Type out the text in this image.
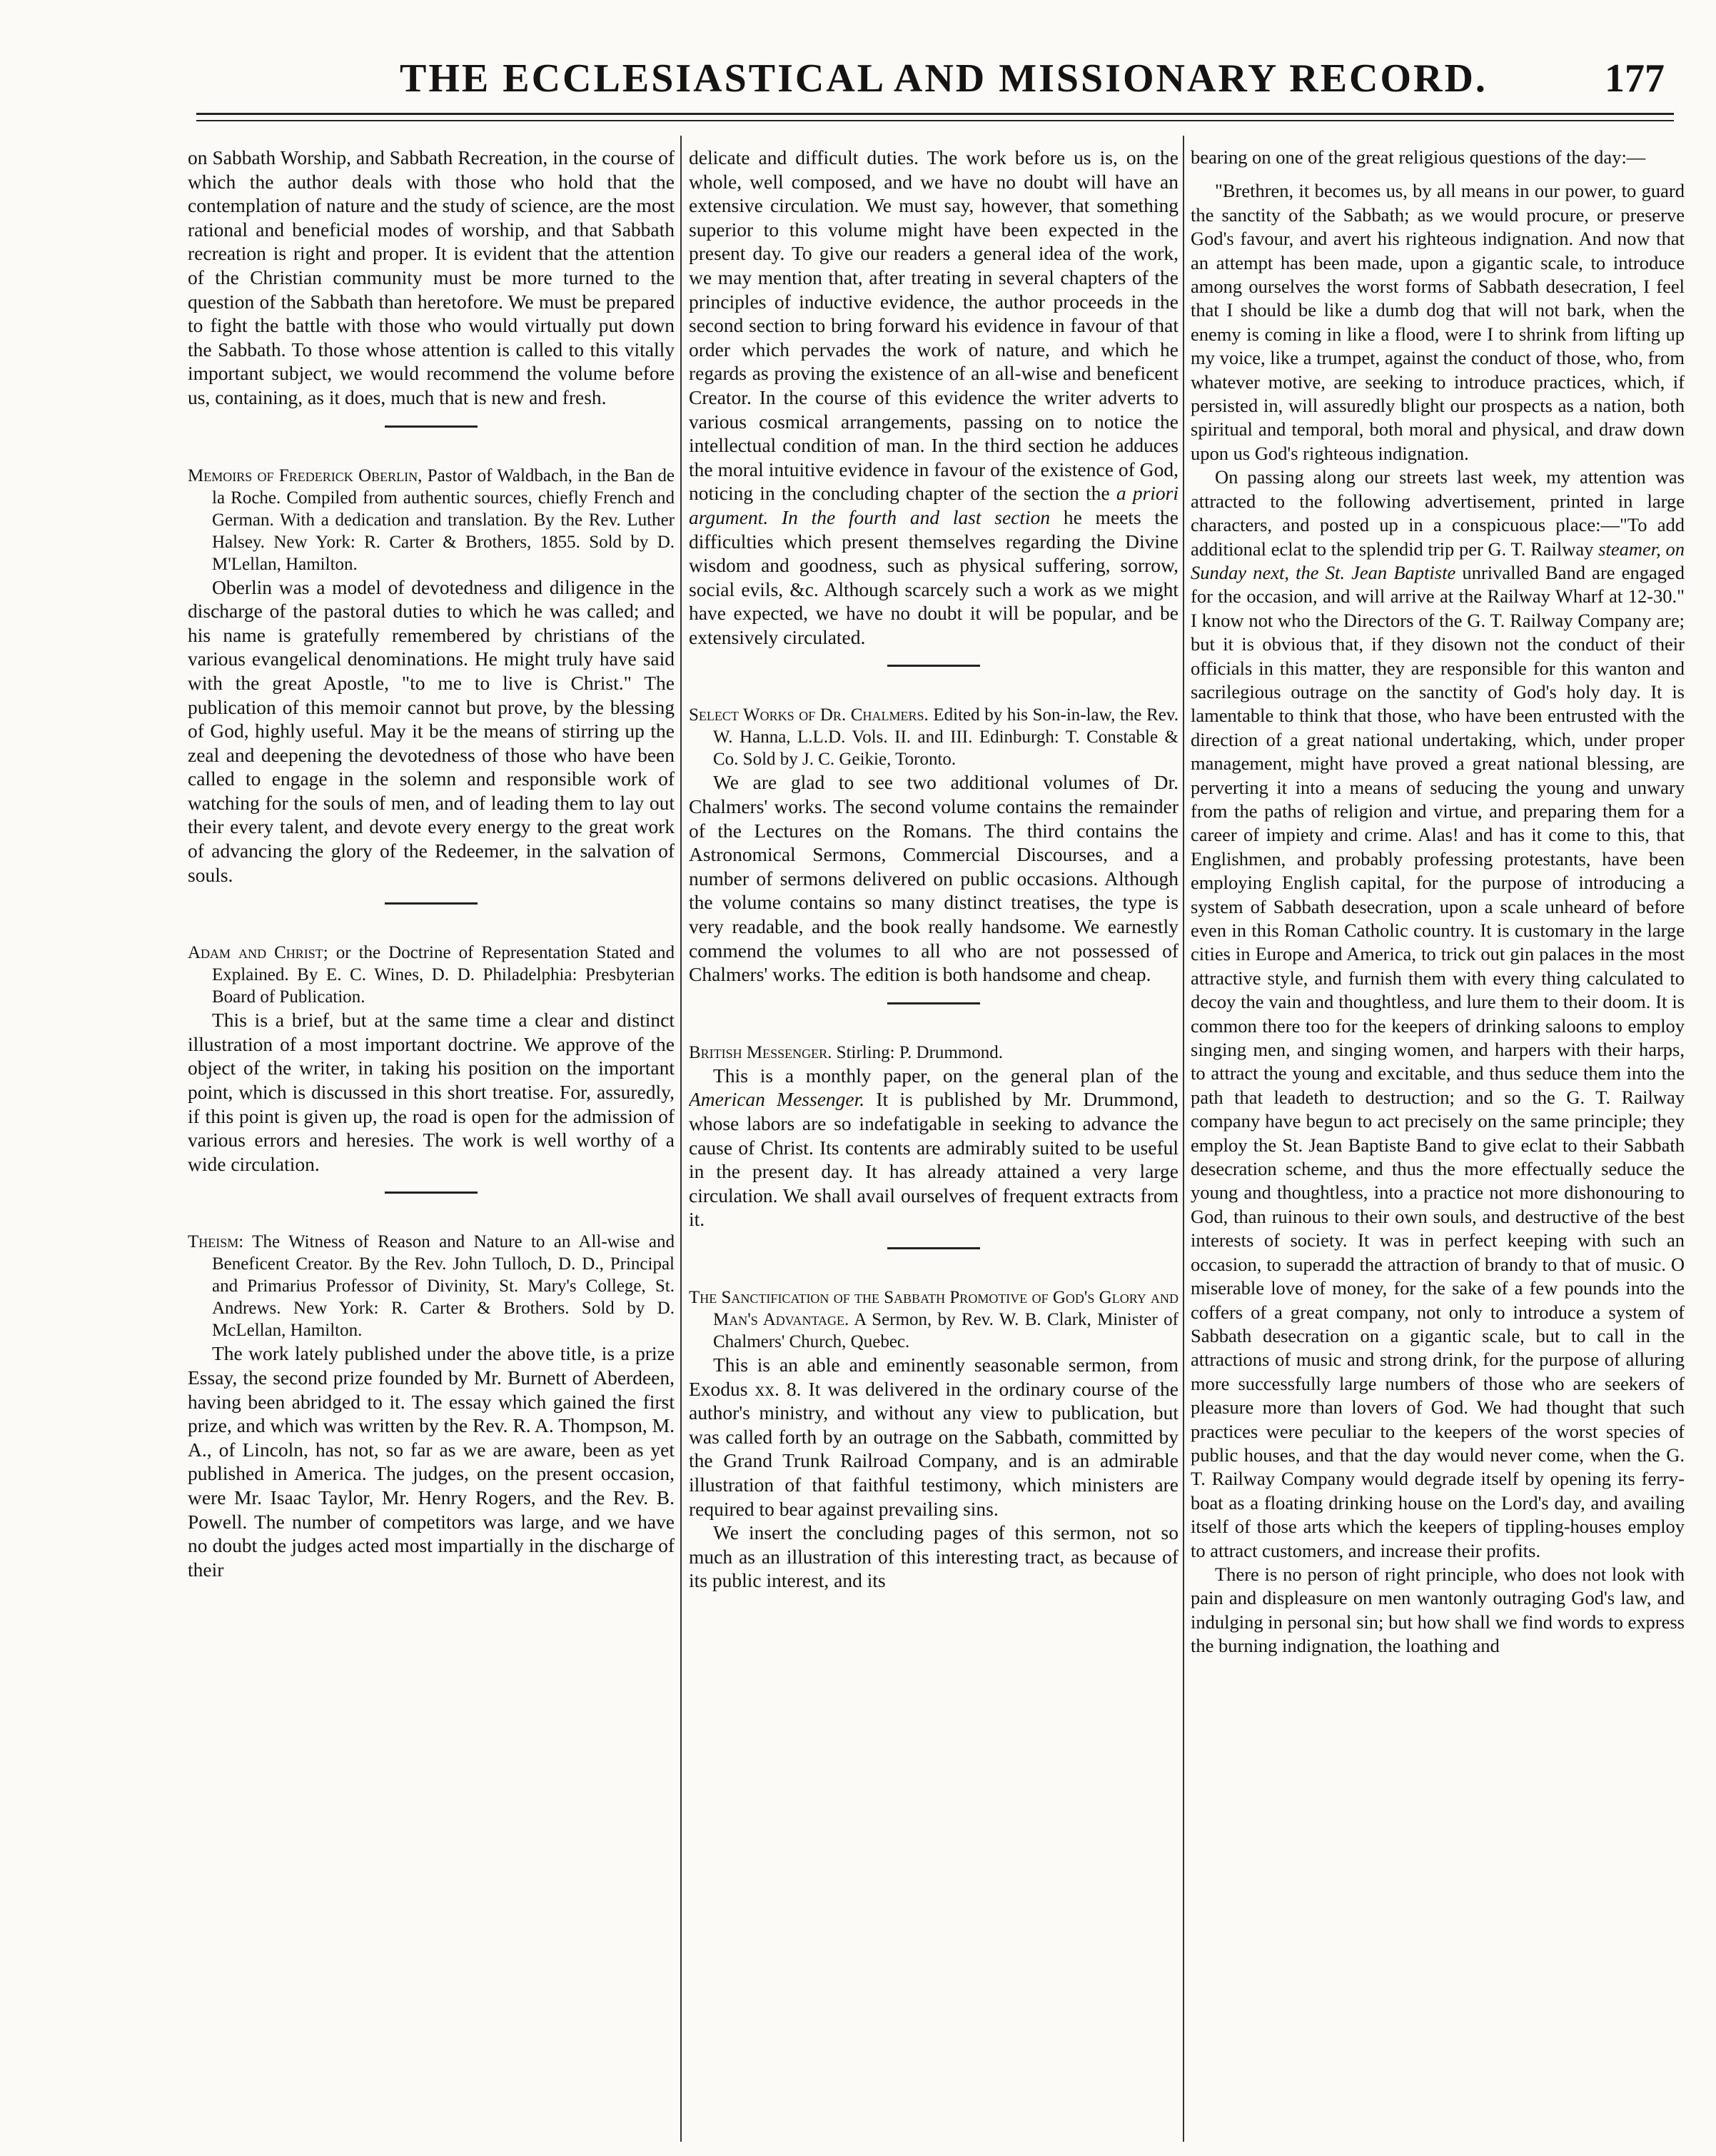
THE ECCLESIASTICAL AND MISSIONARY RECORD.	177

on Sabbath Worship, and Sabbath Recreation, in the course of which the author deals with those who hold that the contemplation of nature and the study of science, are the most rational and beneficial modes of worship, and that Sabbath recreation is right and proper. It is evident that the attention of the Christian community must be more turned to the question of the Sabbath than heretofore. We must be prepared to fight the battle with those who would virtually put down the Sabbath. To those whose attention is called to this vitally important subject, we would recommend the volume before us, containing, as it does, much that is new and fresh.

Memoirs of Frederick Oberlin, Pastor of Waldbach, in the Ban de la Roche. Compiled from authentic sources, chiefly French and German. With a dedication and translation. By the Rev. Luther Halsey. New York: R. Carter & Brothers, 1855. Sold by D. M'Lellan, Hamilton.

Oberlin was a model of devotedness and diligence in the discharge of the pastoral duties to which he was called; and his name is gratefully remembered by christians of the various evangelical denominations. He might truly have said with the great Apostle, "to me to live is Christ." The publication of this memoir cannot but prove, by the blessing of God, highly useful. May it be the means of stirring up the zeal and deepening the devotedness of those who have been called to engage in the solemn and responsible work of watching for the souls of men, and of leading them to lay out their every talent, and devote every energy to the great work of advancing the glory of the Redeemer, in the salvation of souls.

Adam and Christ; or the Doctrine of Representation Stated and Explained. By E. C. Wines, D. D. Philadelphia: Presbyterian Board of Publication.

This is a brief, but at the same time a clear and distinct illustration of a most important doctrine. We approve of the object of the writer, in taking his position on the important point, which is discussed in this short treatise. For, assuredly, if this point is given up, the road is open for the admission of various errors and heresies. The work is well worthy of a wide circulation.

Theism: The Witness of Reason and Nature to an All-wise and Beneficent Creator. By the Rev. John Tulloch, D. D., Principal and Primarius Professor of Divinity, St. Mary's College, St. Andrews. New York: R. Carter & Brothers. Sold by D. McLellan, Hamilton.

The work lately published under the above title, is a prize Essay, the second prize founded by Mr. Burnett of Aberdeen, having been abridged to it. The essay which gained the first prize, and which was written by the Rev. R. A. Thompson, M. A., of Lincoln, has not, so far as we are aware, been as yet published in America. The judges, on the present occasion, were Mr. Isaac Taylor, Mr. Henry Rogers, and the Rev. B. Powell. The number of competitors was large, and we have no doubt the judges acted most impartially in the discharge of their

delicate and difficult duties. The work before us is, on the whole, well composed, and we have no doubt will have an extensive circulation. We must say, however, that something superior to this volume might have been expected in the present day. To give our readers a general idea of the work, we may mention that, after treating in several chapters of the principles of inductive evidence, the author proceeds in the second section to bring forward his evidence in favour of that order which pervades the work of nature, and which he regards as proving the existence of an all-wise and beneficent Creator. In the course of this evidence the writer adverts to various cosmical arrangements, passing on to notice the intellectual condition of man. In the third section he adduces the moral intuitive evidence in favour of the existence of God, noticing in the concluding chapter of the section the a priori argument. In the fourth and last section he meets the difficulties which present themselves regarding the Divine wisdom and goodness, such as physical suffering, sorrow, social evils, &c. Although scarcely such a work as we might have expected, we have no doubt it will be popular, and be extensively circulated.

Select Works of Dr. Chalmers. Edited by his Son-in-law, the Rev. W. Hanna, L.L.D. Vols. II. and III. Edinburgh: T. Constable & Co. Sold by J. C. Geikie, Toronto.

We are glad to see two additional volumes of Dr. Chalmers' works. The second volume contains the remainder of the Lectures on the Romans. The third contains the Astronomical Sermons, Commercial Discourses, and a number of sermons delivered on public occasions. Although the volume contains so many distinct treatises, the type is very readable, and the book really handsome. We earnestly commend the volumes to all who are not possessed of Chalmers' works. The edition is both handsome and cheap.

British Messenger. Stirling: P. Drummond.

This is a monthly paper, on the general plan of the American Messenger. It is published by Mr. Drummond, whose labors are so indefatigable in seeking to advance the cause of Christ. Its contents are admirably suited to be useful in the present day. It has already attained a very large circulation. We shall avail ourselves of frequent extracts from it.

The Sanctification of the Sabbath Promotive of God's Glory and Man's Advantage. A Sermon, by Rev. W. B. Clark, Minister of Chalmers' Church, Quebec.

This is an able and eminently seasonable sermon, from Exodus xx. 8. It was delivered in the ordinary course of the author's ministry, and without any view to publication, but was called forth by an outrage on the Sabbath, committed by the Grand Trunk Railroad Company, and is an admirable illustration of that faithful testimony, which ministers are required to bear against prevailing sins.

We insert the concluding pages of this sermon, not so much as an illustration of this interesting tract, as because of its public interest, and its

bearing on one of the great religious questions of the day:—

"Brethren, it becomes us, by all means in our power, to guard the sanctity of the Sabbath; as we would procure, or preserve God's favour, and avert his righteous indignation. And now that an attempt has been made, upon a gigantic scale, to introduce among ourselves the worst forms of Sabbath desecration, I feel that I should be like a dumb dog that will not bark, when the enemy is coming in like a flood, were I to shrink from lifting up my voice, like a trumpet, against the conduct of those, who, from whatever motive, are seeking to introduce practices, which, if persisted in, will assuredly blight our prospects as a nation, both spiritual and temporal, both moral and physical, and draw down upon us God's righteous indignation.

On passing along our streets last week, my attention was attracted to the following advertisement, printed in large characters, and posted up in a conspicuous place:—"To add additional eclat to the splendid trip per G. T. Railway steamer, on Sunday next, the St. Jean Baptiste unrivalled Band are engaged for the occasion, and will arrive at the Railway Wharf at 12-30." I know not who the Directors of the G. T. Railway Company are; but it is obvious that, if they disown not the conduct of their officials in this matter, they are responsible for this wanton and sacrilegious outrage on the sanctity of God's holy day. It is lamentable to think that those, who have been entrusted with the direction of a great national undertaking, which, under proper management, might have proved a great national blessing, are perverting it into a means of seducing the young and unwary from the paths of religion and virtue, and preparing them for a career of impiety and crime. Alas! and has it come to this, that Englishmen, and probably professing protestants, have been employing English capital, for the purpose of introducing a system of Sabbath desecration, upon a scale unheard of before even in this Roman Catholic country. It is customary in the large cities in Europe and America, to trick out gin palaces in the most attractive style, and furnish them with every thing calculated to decoy the vain and thoughtless, and lure them to their doom. It is common there too for the keepers of drinking saloons to employ singing men, and singing women, and harpers with their harps, to attract the young and excitable, and thus seduce them into the path that leadeth to destruction; and so the G. T. Railway company have begun to act precisely on the same principle; they employ the St. Jean Baptiste Band to give eclat to their Sabbath desecration scheme, and thus the more effectually seduce the young and thoughtless, into a practice not more dishonouring to God, than ruinous to their own souls, and destructive of the best interests of society. It was in perfect keeping with such an occasion, to superadd the attraction of brandy to that of music. O miserable love of money, for the sake of a few pounds into the coffers of a great company, not only to introduce a system of Sabbath desecration on a gigantic scale, but to call in the attractions of music and strong drink, for the purpose of alluring more successfully large numbers of those who are seekers of pleasure more than lovers of God. We had thought that such practices were peculiar to the keepers of the worst species of public houses, and that the day would never come, when the G. T. Railway Company would degrade itself by opening its ferry-boat as a floating drinking house on the Lord's day, and availing itself of those arts which the keepers of tippling-houses employ to attract customers, and increase their profits.

There is no person of right principle, who does not look with pain and displeasure on men wantonly outraging God's law, and indulging in personal sin; but how shall we find words to express the burning indignation, the loathing and
